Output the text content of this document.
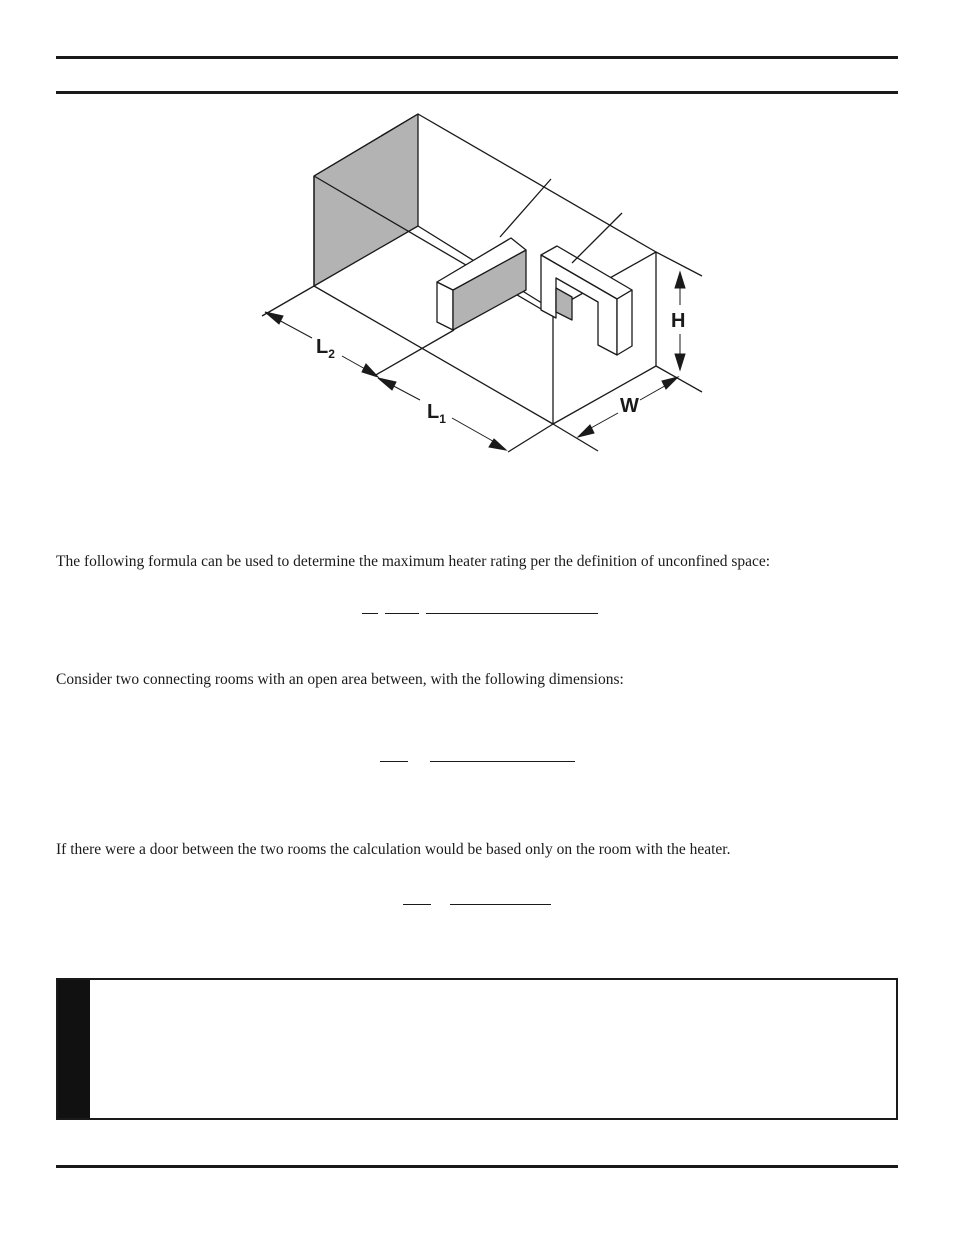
$L_2$
$L_1$
W
H
The following formula can be used to determine the maximum heater rating per the definition of unconfined space:
Consider two connecting rooms with an open area between, with the following dimensions:
If there were a door between the two rooms the calculation would be based only on the room with the heater.
